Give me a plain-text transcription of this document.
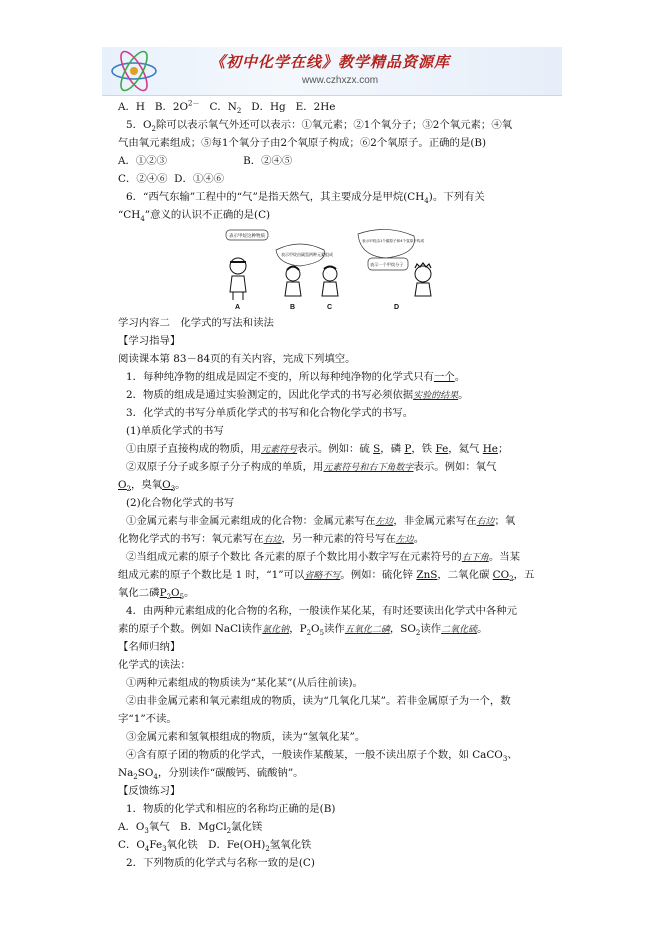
《初中化学在线》教学精品资源库
www.czhxzx.com
A．H B．$2O^{2-}$ C．$N_2$ D．Hg E．2He
5．$O_2$除可以表示氧气外还可以表示：①氧元素；②1个氧分子；③2个氧元素；④氧
气由氧元素组成；⑤每1个氧分子由2个氧原子构成；⑥2个氧原子。正确的是(B)
A．①②③	B．②④⑤
C．②④⑥ D．①④⑥
6．“西气东输”工程中的“气”是指天然气，其主要成分是甲烷$(CH_4)$。下列有关
“$CH_4$”意义的认识不正确的是(C)
表示甲烷这种物质
表示甲烷由碳氢两种元素组成
表示甲烷由1个碳原子和4个氢原子构成
表示一个甲烷分子
A	B	C	D
学习内容二　化学式的写法和读法
【学习指导】
阅读课本第 83－84页的有关内容，完成下列填空。
1．每种纯净物的组成是固定不变的，所以每种纯净物的化学式只有一个。
2．物质的组成是通过实验测定的，因此化学式的书写必须依据实验的结果。
3．化学式的书写分单质化学式的书写和化合物化学式的书写。
(1)单质化学式的书写
①由原子直接构成的物质，用元素符号表示。例如：硫 S，磷 P，铁 Fe，氦气 He；
②双原子分子或多原子分子构成的单质，用元素符号和右下角数字表示。例如：氧气
$O_2$，臭氧$O_3$。
(2)化合物化学式的书写
①金属元素与非金属元素组成的化合物：金属元素写在左边，非金属元素写在右边；氧
化物化学式的书写：氧元素写在右边，另一种元素的符号写在左边。
②当组成元素的原子个数比 各元素的原子个数比用小数字写在元素符号的右下角。当某
组成元素的原子个数比是 1 时，“1”可以省略不写。例如：硫化锌 ZnS，二氧化碳 $CO_2$，五
氧化二磷$P_2O_5$。
4．由两种元素组成的化合物的名称，一般读作某化某，有时还要读出化学式中各种元
素的原子个数。例如 NaCl读作氯化钠，$P_2O_5$读作五氧化二磷，$SO_2$读作二氧化硫。
【名师归纳】
化学式的读法：
①两种元素组成的物质读为“某化某”(从后往前读)。
②由非金属元素和氧元素组成的物质，读为“几氧化几某”。若非金属原子为一个，数
字“1”不读。
③金属元素和氢氧根组成的物质，读为“氢氧化某”。
④含有原子团的物质的化学式，一般读作某酸某，一般不读出原子个数，如 CaCO$_3$、
$Na_2SO_4$，分别读作“碳酸钙、硫酸钠”。
【反馈练习】
1．物质的化学式和相应的名称均正确的是(B)
A．$O_3$氧气　B．MgCl$_2$氯化镁
C．$O_4Fe_3$氧化铁　D．$Fe(OH)_2$氢氧化铁
2．下列物质的化学式与名称一致的是(C)
